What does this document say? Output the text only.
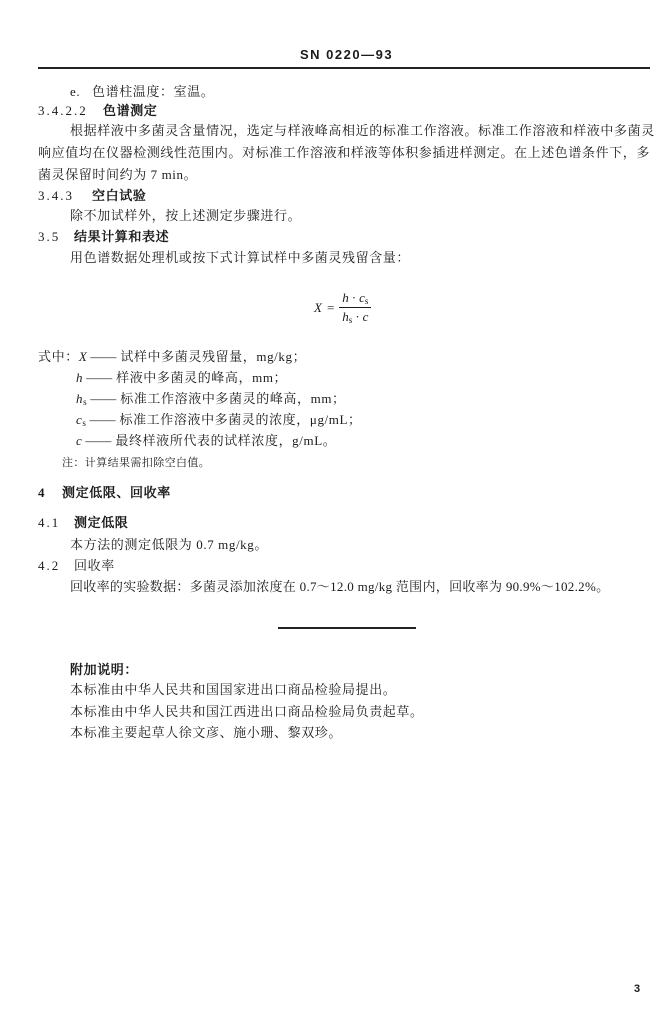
SN 0220—93
e. 色谱柱温度：室温。
3.4.2.2 色谱测定
根据样液中多菌灵含量情况，选定与样液峰高相近的标准工作溶液。标准工作溶液和样液中多菌灵
响应值均在仪器检测线性范围内。对标准工作溶液和样液等体积参插进样测定。在上述色谱条件下，多
菌灵保留时间约为 7 min。
3.4.3 空白试验
除不加试样外，按上述测定步骤进行。
3.5 结果计算和表述
用色谱数据处理机或按下式计算试样中多菌灵残留含量：
$X = \frac{h \cdot c_s}{h_s \cdot c}$
式中：X —— 试样中多菌灵残留量，mg/kg；
h —— 样液中多菌灵的峰高，mm；
$h_s$ —— 标准工作溶液中多菌灵的峰高，mm；
$c_s$ —— 标准工作溶液中多菌灵的浓度，μg/mL；
c —— 最终样液所代表的试样浓度，g/mL。
注：计算结果需扣除空白值。
4 测定低限、回收率
4.1 测定低限
本方法的测定低限为 0.7 mg/kg。
4.2 回收率
回收率的实验数据：多菌灵添加浓度在 0.7～12.0 mg/kg 范围内，回收率为 90.9%～102.2%。
附加说明：
本标准由中华人民共和国国家进出口商品检验局提出。
本标准由中华人民共和国江西进出口商品检验局负责起草。
本标准主要起草人徐文彦、施小珊、黎双珍。
3
